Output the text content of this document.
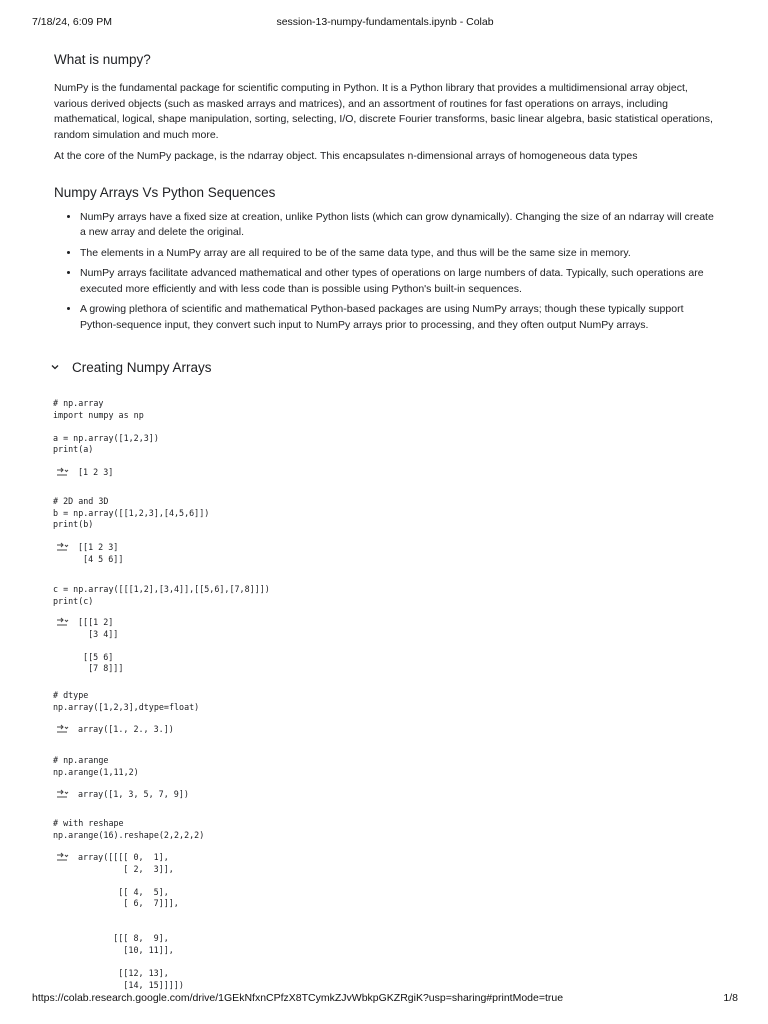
7/18/24, 6:09 PM	session-13-numpy-fundamentals.ipynb - Colab
What is numpy?

NumPy is the fundamental package for scientific computing in Python. It is a Python library that provides a multidimensional array object, various derived objects (such as masked arrays and matrices), and an assortment of routines for fast operations on arrays, including mathematical, logical, shape manipulation, sorting, selecting, I/O, discrete Fourier transforms, basic linear algebra, basic statistical operations, random simulation and much more.

At the core of the NumPy package, is the ndarray object. This encapsulates n-dimensional arrays of homogeneous data types

Numpy Arrays Vs Python Sequences
• NumPy arrays have a fixed size at creation, unlike Python lists (which can grow dynamically). Changing the size of an ndarray will create a new array and delete the original.
• The elements in a NumPy array are all required to be of the same data type, and thus will be the same size in memory.
• NumPy arrays facilitate advanced mathematical and other types of operations on large numbers of data. Typically, such operations are executed more efficiently and with less code than is possible using Python's built-in sequences.
• A growing plethora of scientific and mathematical Python-based packages are using NumPy arrays; though these typically support Python-sequence input, they convert such input to NumPy arrays prior to processing, and they often output NumPy arrays.
Creating Numpy Arrays
# np.array
import numpy as np

a = np.array([1,2,3])
print(a)
[1 2 3]
# 2D and 3D
b = np.array([[1,2,3],[4,5,6]])
print(b)
[[1 2 3]
[4 5 6]]
c = np.array([[[1,2],[3,4]],[[5,6],[7,8]]])
print(c)
[[[1 2]
[3 4]]

[[5 6]
[7 8]]]
# dtype
np.array([1,2,3],dtype=float)
array([1., 2., 3.])
# np.arange
np.arange(1,11,2)
array([1, 3, 5, 7, 9])
# with reshape
np.arange(16).reshape(2,2,2,2)
array([[[[ 0,  1],
[ 2,  3]],

[[ 4,  5],
[ 6,  7]]],

[[[ 8,  9],
[10, 11]],

[[12, 13],
[14, 15]]]])
https://colab.research.google.com/drive/1GEkNfxnCPfzX8TCymkZJvWbkpGKZRgiK?usp=sharing#printMode=true	1/8
